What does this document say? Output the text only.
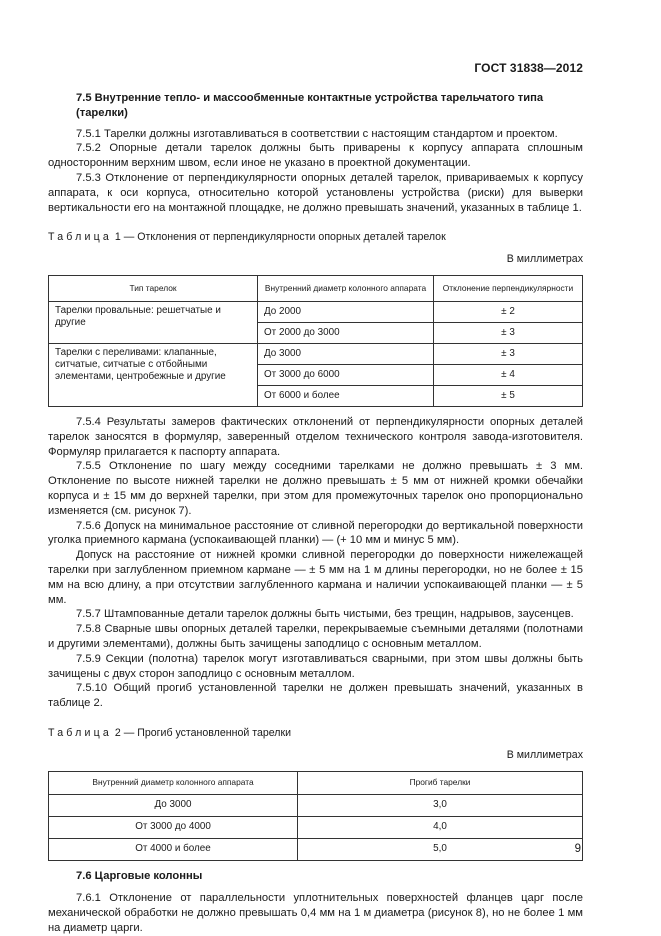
ГОСТ 31838—2012
7.5 Внутренние тепло- и массообменные контактные устройства тарельчатого типа (тарелки)

7.5.1 Тарелки должны изготавливаться в соответствии с настоящим стандартом и проектом.

7.5.2 Опорные детали тарелок должны быть приварены к корпусу аппарата сплошным односторонним верхним швом, если иное не указано в проектной документации.

7.5.3 Отклонение от перпендикулярности опорных деталей тарелок, привариваемых к корпусу аппарата, к оси корпуса, относительно которой установлены устройства (риски) для выверки вертикальности его на монтажной площадке, не должно превышать значений, указанных в таблице 1.

Таблица 1 — Отклонения от перпендикулярности опорных деталей тарелок
В миллиметрах
Тип тарелок	Внутренний диаметр колонного аппарата	Отклонение перпендикулярности
Тарелки провальные: решетчатые и другие	До 2000	± 2
	От 2000 до 3000	± 3
Тарелки с переливами: клапанные, ситчатые, ситчатые с отбойными элементами, центробежные и другие	До 3000	± 3
	От 3000 до 6000	± 4
	От 6000 и более	± 5

7.5.4 Результаты замеров фактических отклонений от перпендикулярности опорных деталей тарелок заносятся в формуляр, заверенный отделом технического контроля завода-изготовителя. Формуляр прилагается к паспорту аппарата.

7.5.5 Отклонение по шагу между соседними тарелками не должно превышать ± 3 мм. Отклонение по высоте нижней тарелки не должно превышать ± 5 мм от нижней кромки обечайки корпуса и ± 15 мм до верхней тарелки, при этом для промежуточных тарелок оно пропорционально изменяется (см. рисунок 7).

7.5.6 Допуск на минимальное расстояние от сливной перегородки до вертикальной поверхности уголка приемного кармана (успокаивающей планки) — (+ 10 мм и минус 5 мм).

Допуск на расстояние от нижней кромки сливной перегородки до поверхности нижележащей тарелки при заглубленном приемном кармане — ± 5 мм на 1 м длины перегородки, но не более ± 15 мм на всю длину, а при отсутствии заглубленного кармана и наличии успокаивающей планки — ± 5 мм.

7.5.7 Штампованные детали тарелок должны быть чистыми, без трещин, надрывов, заусенцев.

7.5.8 Сварные швы опорных деталей тарелки, перекрываемые съемными деталями (полотнами и другими элементами), должны быть зачищены заподлицо с основным металлом.

7.5.9 Секции (полотна) тарелок могут изготавливаться сварными, при этом швы должны быть зачищены с двух сторон заподлицо с основным металлом.

7.5.10 Общий прогиб установленной тарелки не должен превышать значений, указанных в таблице 2.

Таблица 2 — Прогиб установленной тарелки
В миллиметрах
Внутренний диаметр колонного аппарата	Прогиб тарелки
До 3000	3,0
От 3000 до 4000	4,0
От 4000 и более	5,0
7.6 Царговые колонны

7.6.1 Отклонение от параллельности уплотнительных поверхностей фланцев царг после механической обработки не должно превышать 0,4 мм на 1 м диаметра (рисунок 8), но не более 1 мм на диаметр царги.

9
